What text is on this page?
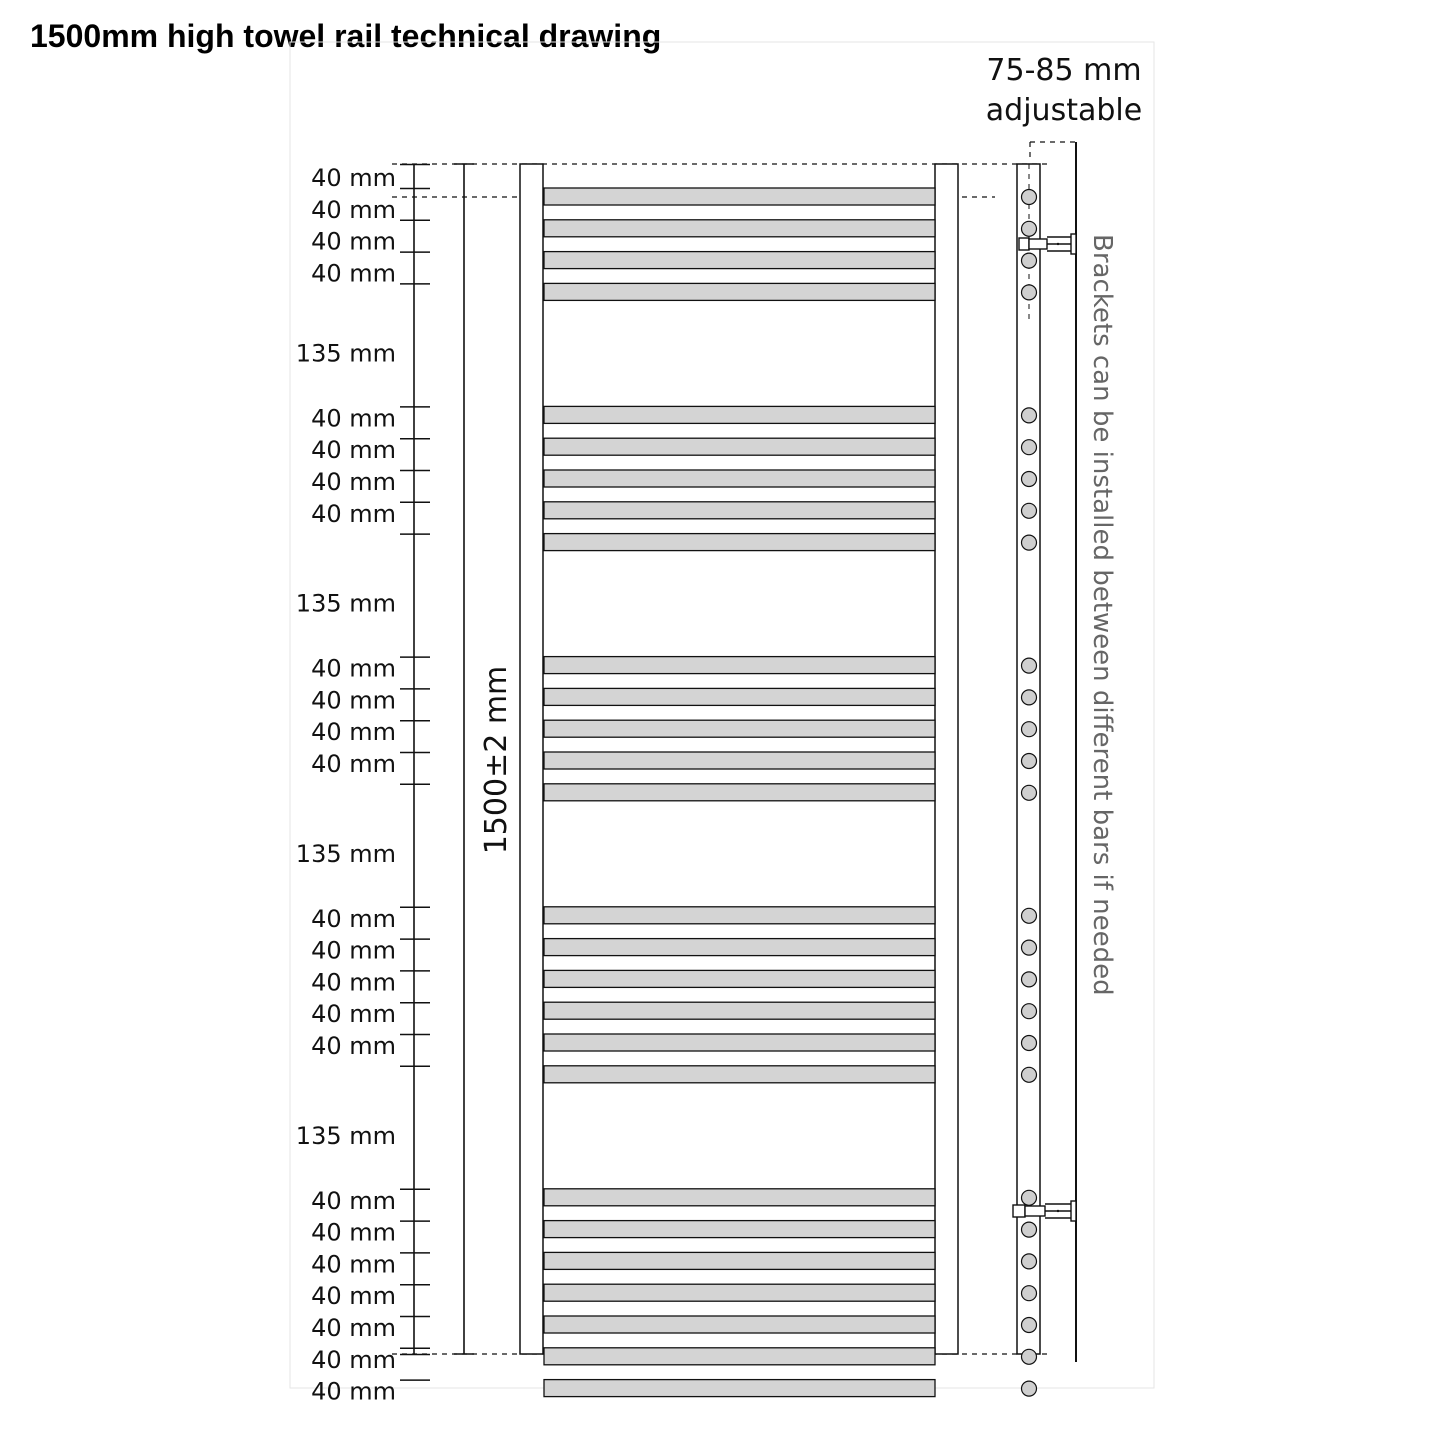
1500mm high towel rail technical drawing
40 mm
40 mm
40 mm
40 mm
135 mm
40 mm
40 mm
40 mm
40 mm
135 mm
40 mm
40 mm
40 mm
40 mm
135 mm
40 mm
40 mm
40 mm
40 mm
40 mm
135 mm
40 mm
40 mm
40 mm
40 mm
40 mm
40 mm
40 mm
1500±2 mm
75-85 mm
adjustable
Brackets can be installed between different bars if needed
